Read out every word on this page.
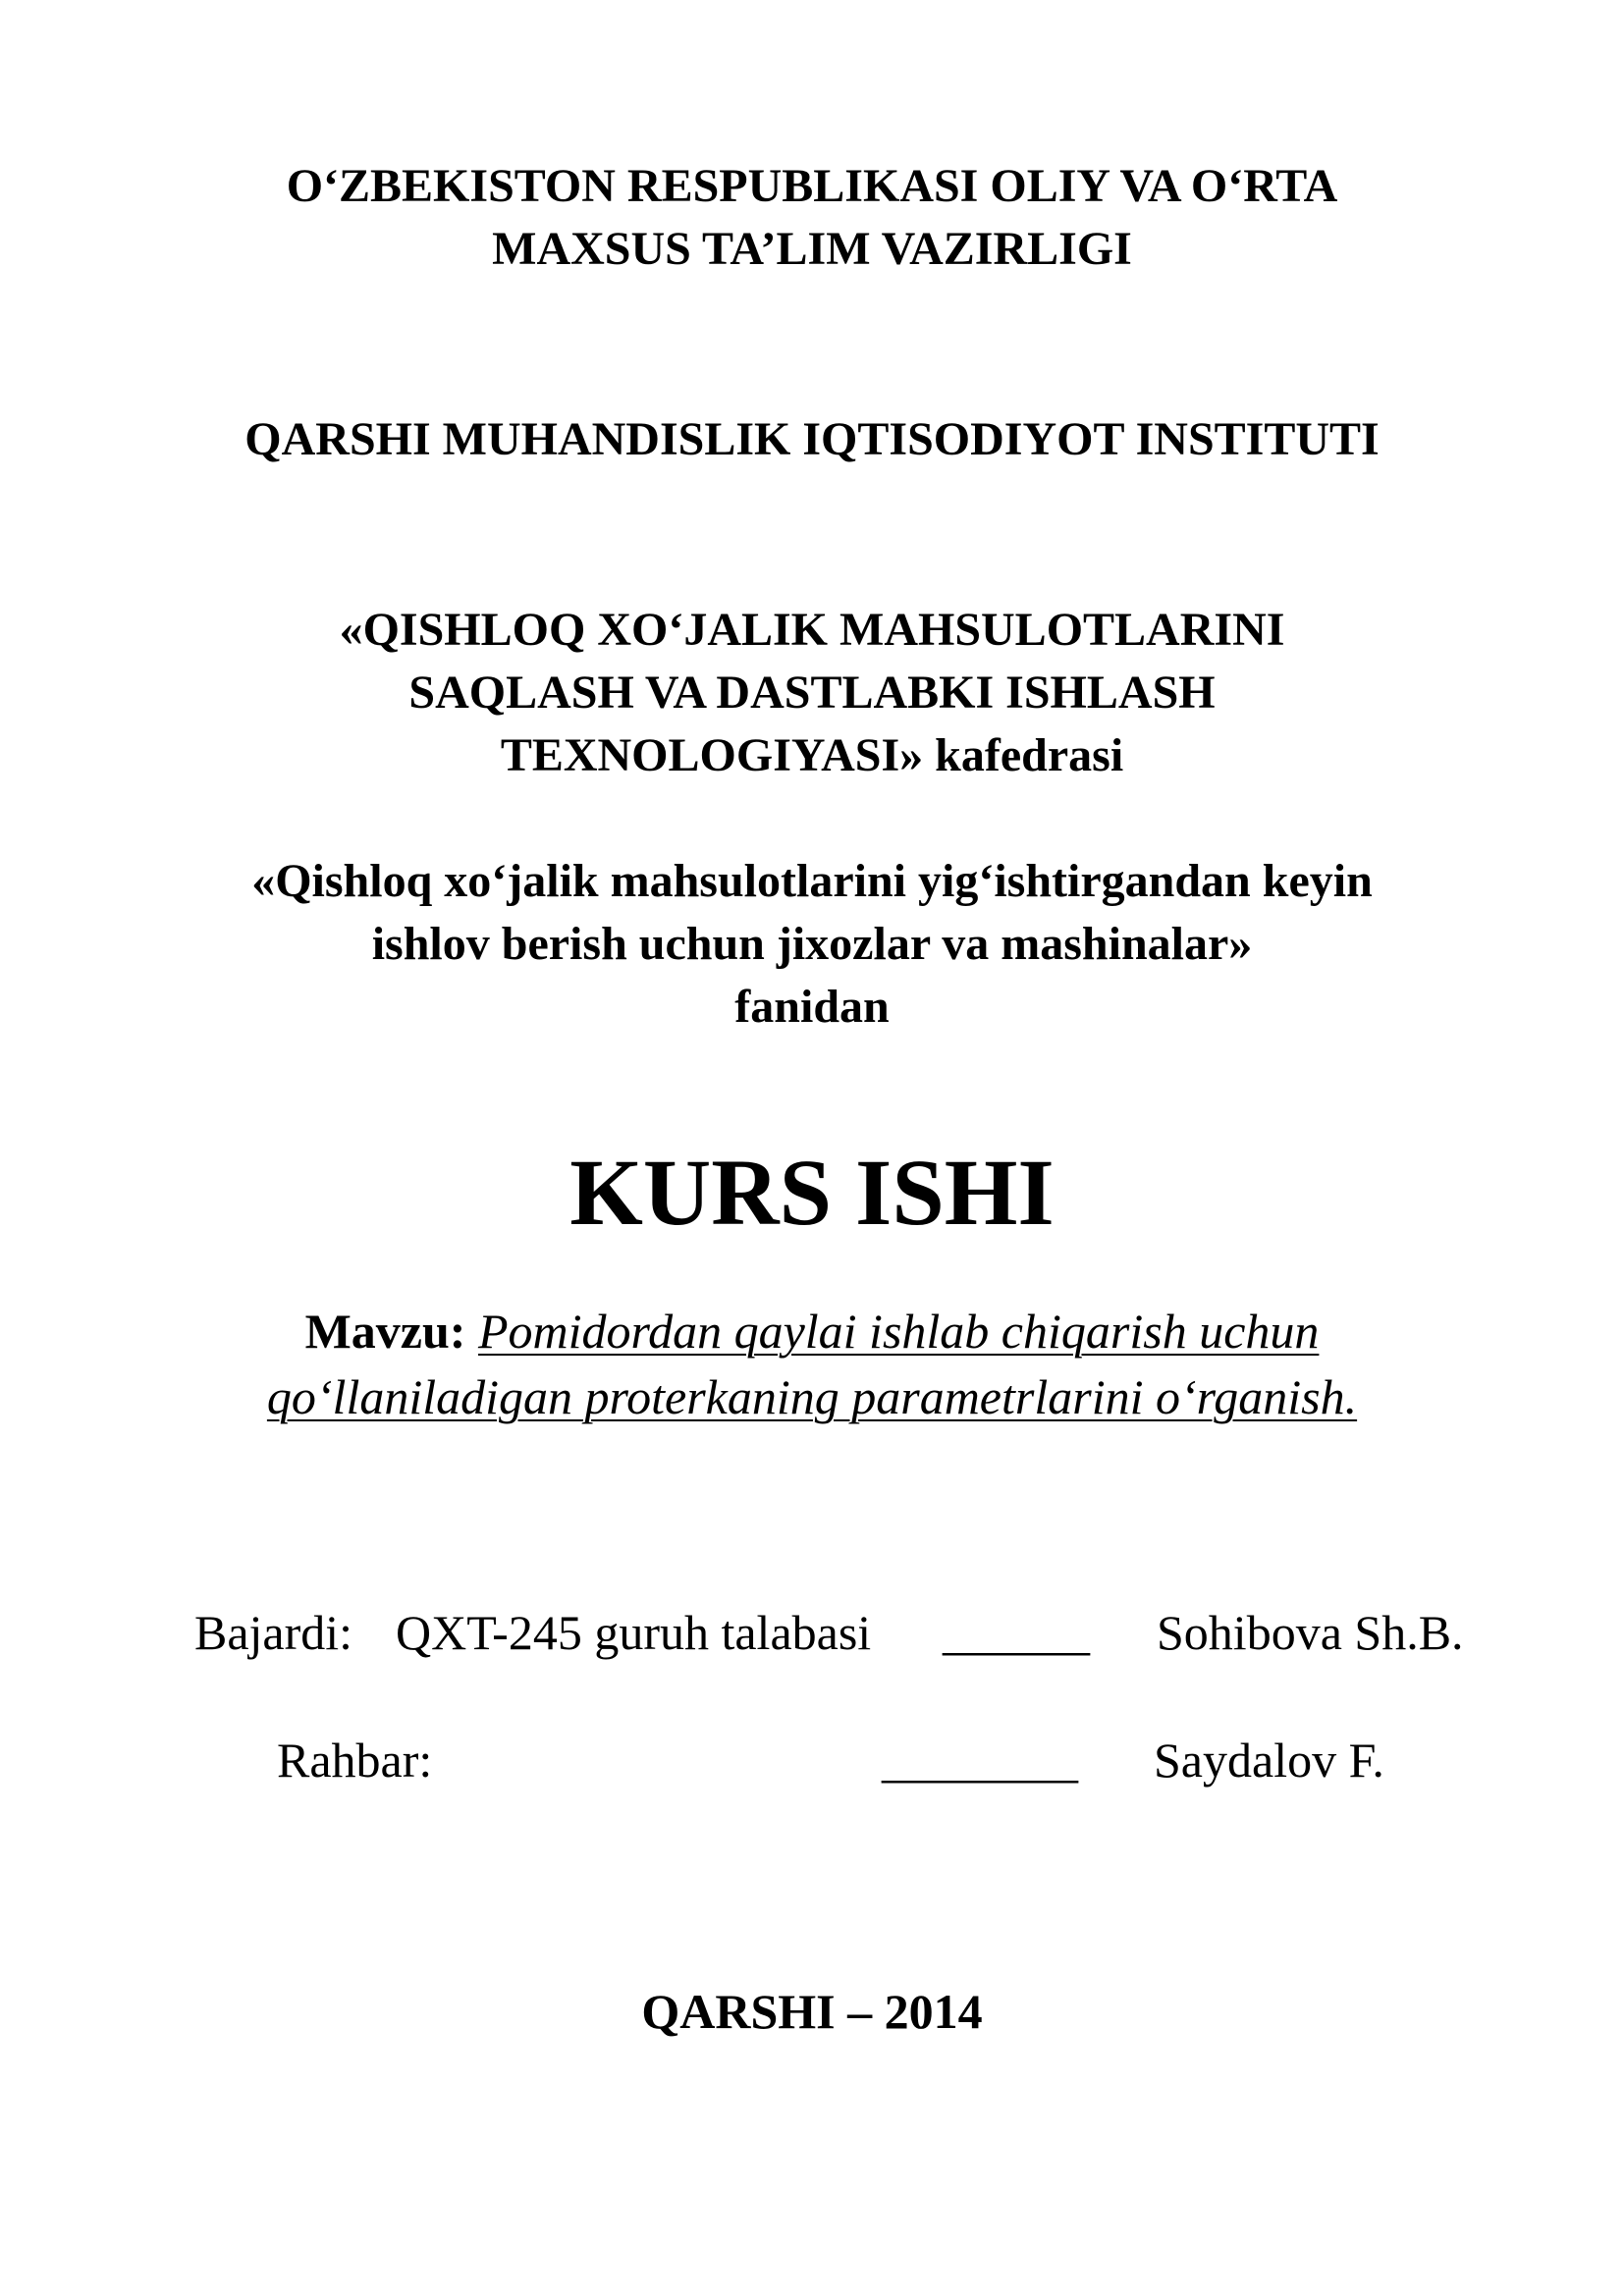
O‘ZBEKISTON RESPUBLIKASI OLIY VA O‘RTA
MAXSUS TA’LIM VAZIRLIGI
QARSHI MUHANDISLIK IQTISODIYOT INSTITUTI
«QISHLOQ XO‘JALIK MAHSULOTLARINI
SAQLASH VA DASTLABKI ISHLASH
TEXNOLOGIYASI» kafedrasi
«Qishloq xo‘jalik mahsulotlarini yig‘ishtirgandan keyin
ishlov berish uchun jixozlar va mashinalar»
fanidan
KURS ISHI
Mavzu: Pomidordan qaylai ishlab chiqarish uchun
qo‘llaniladigan proterkaning parametrlarini o‘rganish.
Bajardi: QXT-245 guruh talabasi ______ Sohibova Sh.B.
Rahbar:	________ Saydalov F.
QARSHI – 2014
